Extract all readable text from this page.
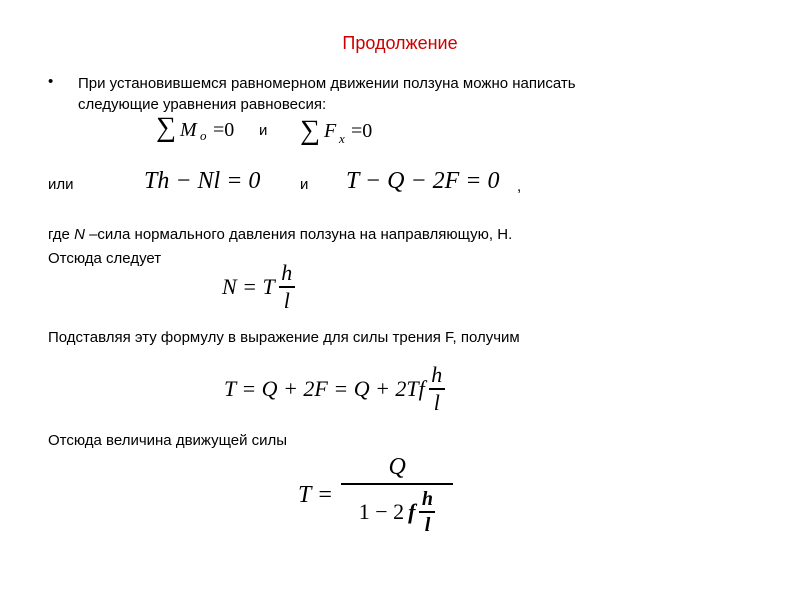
Продолжение
• При установившемся равномерном движении ползуна можно написать
следующие уравнения равновесия:
∑ M o =0 и ∑ F x =0
или	Th − Nl = 0	и T − Q − 2F = 0 ,
где N –сила нормального давления ползуна на направляющую, Н.
Отсюда следует
N = T $\frac{h}{l}$
Подставляя эту формулу в выражение для силы трения F, получим
$T = Q + 2F = Q + 2Tf \frac{h}{l}$
Отсюда величина движущей силы
$T = \frac{Q}{1 - 2 f \frac{h}{l}}$
